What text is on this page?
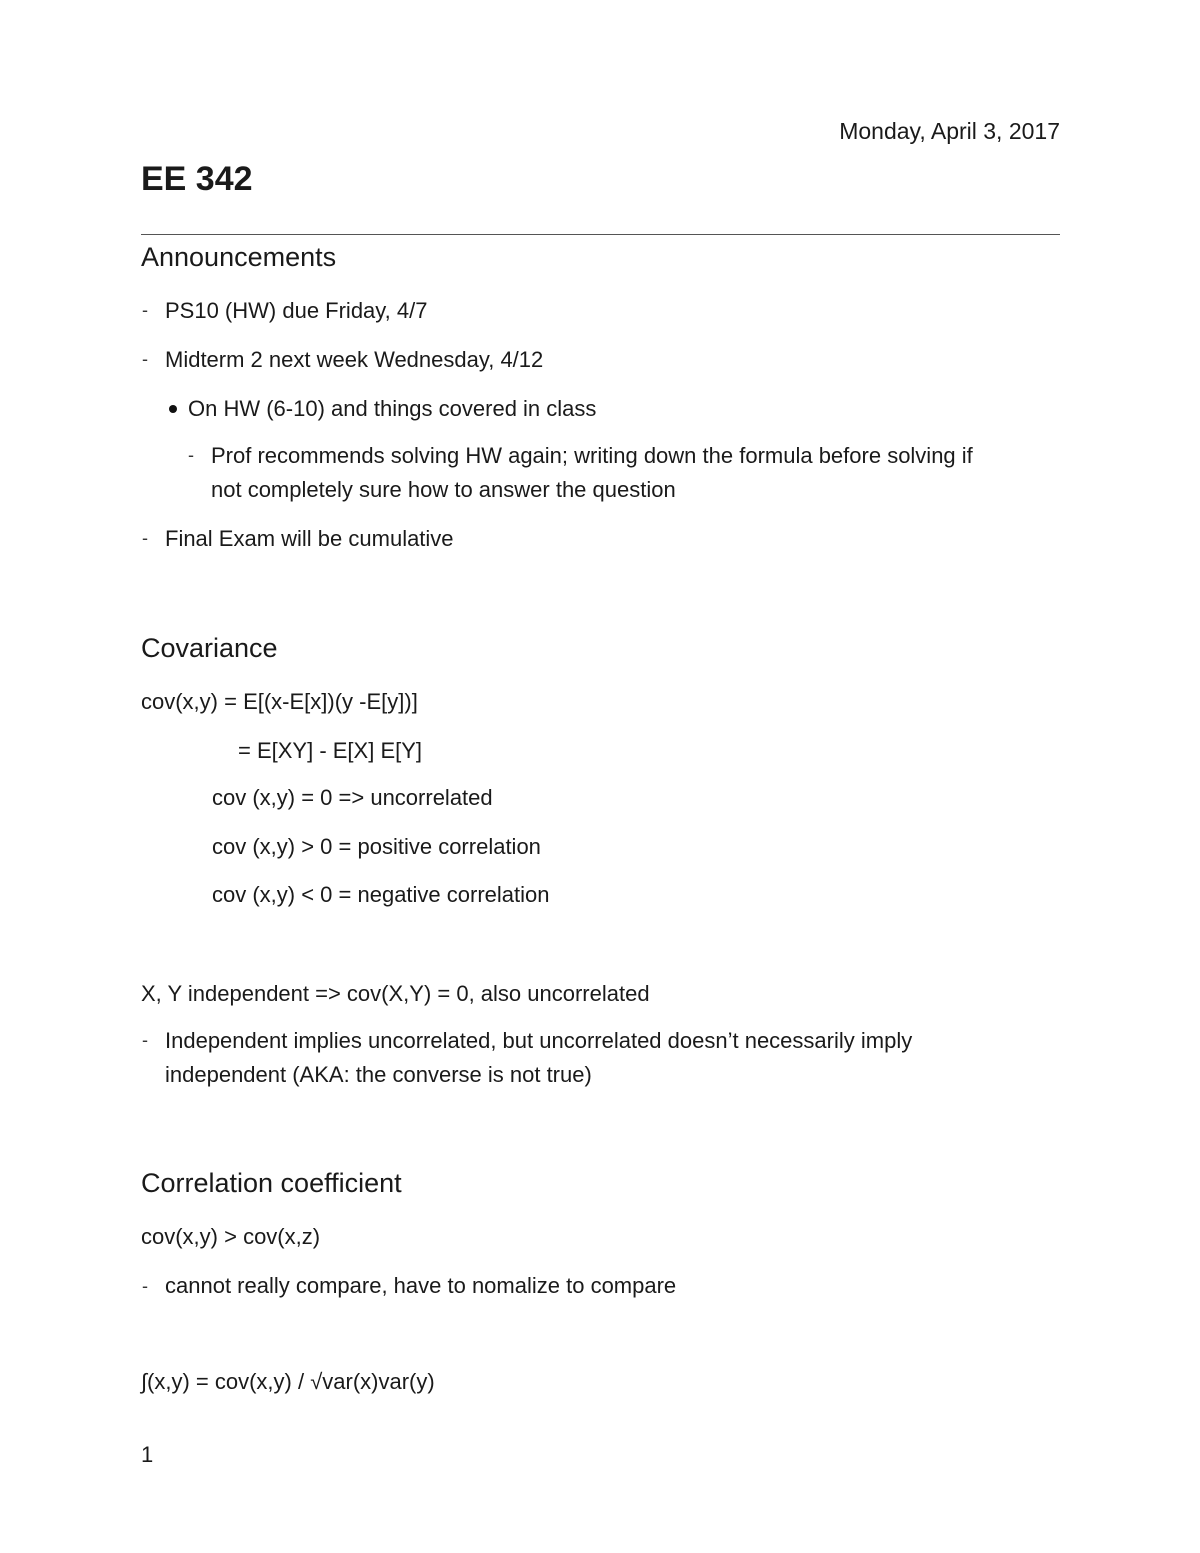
Monday, April 3, 2017
EE 342
Announcements
- PS10 (HW) due Friday, 4/7
- Midterm 2 next week Wednesday, 4/12
On HW (6-10) and things covered in class
- Prof recommends solving HW again; writing down the formula before solving if
not completely sure how to answer the question
- Final Exam will be cumulative
Covariance
cov(x,y) = E[(x-E[x])(y -E[y])]
= E[XY] - E[X] E[Y]
cov (x,y) = 0 => uncorrelated
cov (x,y) > 0 = positive correlation
cov (x,y) < 0 = negative correlation
X, Y independent => cov(X,Y) = 0, also uncorrelated
- Independent implies uncorrelated, but uncorrelated doesn’t necessarily imply
independent (AKA: the converse is not true)
Correlation coefficient
cov(x,y) > cov(x,z)
- cannot really compare, have to nomalize to compare
∫(x,y) = cov(x,y) / √var(x)var(y)
1
